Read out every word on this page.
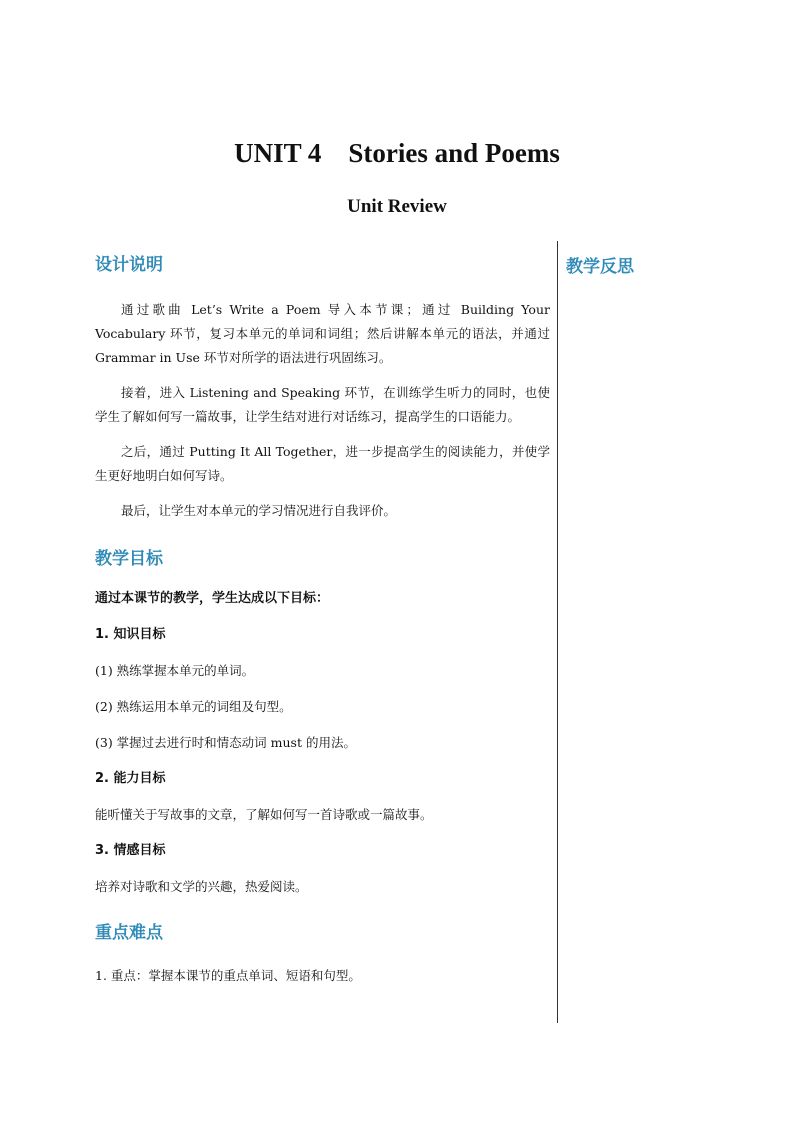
UNIT 4    Stories and Poems
Unit Review
教学反思
设计说明

通过歌曲 Let’s Write a Poem 导入本节课；通过 Building Your Vocabulary 环节，复习本单元的单词和词组；然后讲解本单元的语法，并通过 Grammar in Use 环节对所学的语法进行巩固练习。

接着，进入 Listening and Speaking 环节，在训练学生听力的同时，也使学生了解如何写一篇故事，让学生结对进行对话练习，提高学生的口语能力。

之后，通过 Putting It All Together，进一步提高学生的阅读能力，并使学生更好地明白如何写诗。

最后，让学生对本单元的学习情况进行自我评价。

教学目标

通过本课节的教学，学生达成以下目标：

1. 知识目标

(1) 熟练掌握本单元的单词。

(2) 熟练运用本单元的词组及句型。

(3) 掌握过去进行时和情态动词 must 的用法。

2. 能力目标

能听懂关于写故事的文章，了解如何写一首诗歌或一篇故事。

3. 情感目标

培养对诗歌和文学的兴趣，热爱阅读。

重点难点

1. 重点：掌握本课节的重点单词、短语和句型。
